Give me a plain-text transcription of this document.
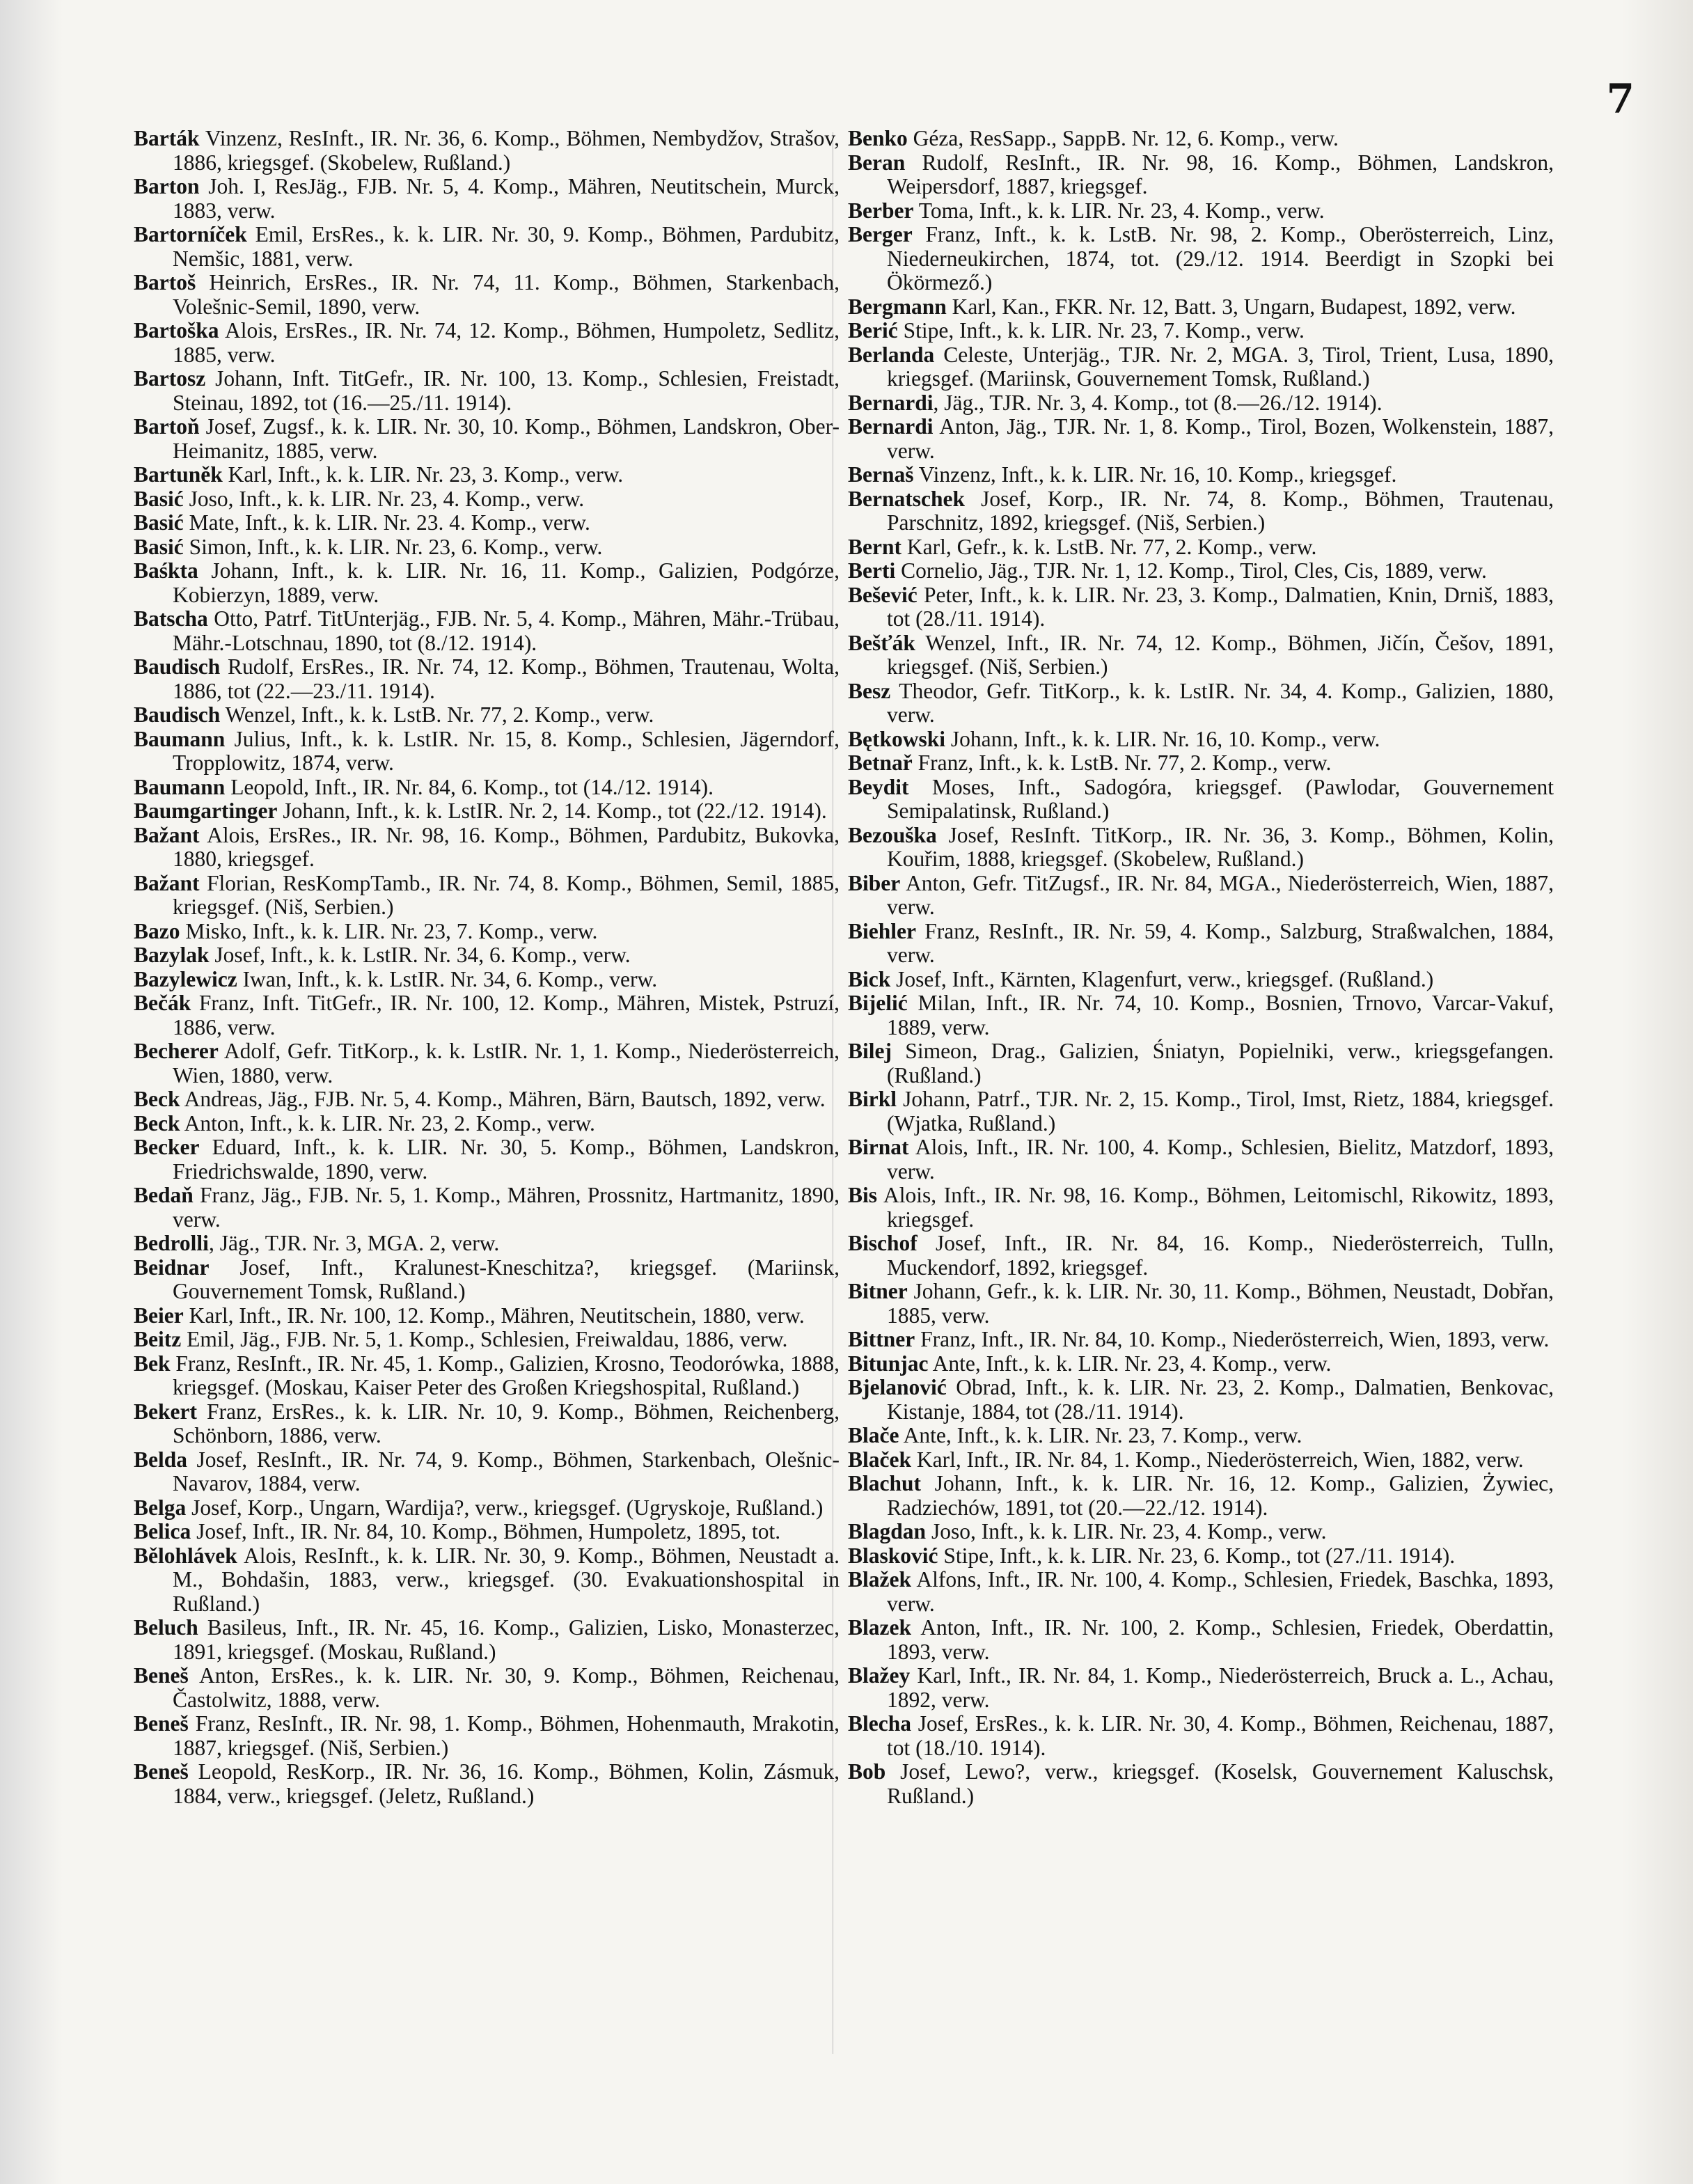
7

Barták Vinzenz, ResInft., IR. Nr. 36, 6. Komp., Böhmen, Nembydžov, Strašov, 1886, kriegsgef. (Skobelew, Rußland.)

Barton Joh. I, ResJäg., FJB. Nr. 5, 4. Komp., Mähren, Neutitschein, Murck, 1883, verw.

Bartorníček Emil, ErsRes., k. k. LIR. Nr. 30, 9. Komp., Böhmen, Pardubitz, Nemšic, 1881, verw.

Bartoš Heinrich, ErsRes., IR. Nr. 74, 11. Komp., Böhmen, Starkenbach, Volešnic-Semil, 1890, verw.

Bartoška Alois, ErsRes., IR. Nr. 74, 12. Komp., Böhmen, Humpoletz, Sedlitz, 1885, verw.

Bartosz Johann, Inft. TitGefr., IR. Nr. 100, 13. Komp., Schlesien, Freistadt, Steinau, 1892, tot (16.—25./11. 1914).

Bartoň Josef, Zugsf., k. k. LIR. Nr. 30, 10. Komp., Böhmen, Landskron, Ober-Heimanitz, 1885, verw.

Bartuněk Karl, Inft., k. k. LIR. Nr. 23, 3. Komp., verw.

Basić Joso, Inft., k. k. LIR. Nr. 23, 4. Komp., verw.

Basić Mate, Inft., k. k. LIR. Nr. 23. 4. Komp., verw.

Basić Simon, Inft., k. k. LIR. Nr. 23, 6. Komp., verw.

Baśkta Johann, Inft., k. k. LIR. Nr. 16, 11. Komp., Galizien, Podgórze, Kobierzyn, 1889, verw.

Batscha Otto, Patrf. TitUnterjäg., FJB. Nr. 5, 4. Komp., Mähren, Mähr.-Trübau, Mähr.-Lotschnau, 1890, tot (8./12. 1914).

Baudisch Rudolf, ErsRes., IR. Nr. 74, 12. Komp., Böhmen, Trautenau, Wolta, 1886, tot (22.—23./11. 1914).

Baudisch Wenzel, Inft., k. k. LstB. Nr. 77, 2. Komp., verw.

Baumann Julius, Inft., k. k. LstIR. Nr. 15, 8. Komp., Schlesien, Jägerndorf, Tropplowitz, 1874, verw.

Baumann Leopold, Inft., IR. Nr. 84, 6. Komp., tot (14./12. 1914).

Baumgartinger Johann, Inft., k. k. LstIR. Nr. 2, 14. Komp., tot (22./12. 1914).

Bažant Alois, ErsRes., IR. Nr. 98, 16. Komp., Böhmen, Pardubitz, Bukovka, 1880, kriegsgef.

Bažant Florian, ResKompTamb., IR. Nr. 74, 8. Komp., Böhmen, Semil, 1885, kriegsgef. (Niš, Serbien.)

Bazo Misko, Inft., k. k. LIR. Nr. 23, 7. Komp., verw.

Bazylak Josef, Inft., k. k. LstIR. Nr. 34, 6. Komp., verw.

Bazylewicz Iwan, Inft., k. k. LstIR. Nr. 34, 6. Komp., verw.

Bečák Franz, Inft. TitGefr., IR. Nr. 100, 12. Komp., Mähren, Mistek, Pstruzí, 1886, verw.

Becherer Adolf, Gefr. TitKorp., k. k. LstIR. Nr. 1, 1. Komp., Niederösterreich, Wien, 1880, verw.

Beck Andreas, Jäg., FJB. Nr. 5, 4. Komp., Mähren, Bärn, Bautsch, 1892, verw.

Beck Anton, Inft., k. k. LIR. Nr. 23, 2. Komp., verw.

Becker Eduard, Inft., k. k. LIR. Nr. 30, 5. Komp., Böhmen, Landskron, Friedrichswalde, 1890, verw.

Bedaň Franz, Jäg., FJB. Nr. 5, 1. Komp., Mähren, Prossnitz, Hartmanitz, 1890, verw.

Bedrolli, Jäg., TJR. Nr. 3, MGA. 2, verw.

Beidnar Josef, Inft., Kralunest-Kneschitza?, kriegsgef. (Mariinsk, Gouvernement Tomsk, Rußland.)

Beier Karl, Inft., IR. Nr. 100, 12. Komp., Mähren, Neutitschein, 1880, verw.

Beitz Emil, Jäg., FJB. Nr. 5, 1. Komp., Schlesien, Freiwaldau, 1886, verw.

Bek Franz, ResInft., IR. Nr. 45, 1. Komp., Galizien, Krosno, Teodorówka, 1888, kriegsgef. (Moskau, Kaiser Peter des Großen Kriegshospital, Rußland.)

Bekert Franz, ErsRes., k. k. LIR. Nr. 10, 9. Komp., Böhmen, Reichenberg, Schönborn, 1886, verw.

Belda Josef, ResInft., IR. Nr. 74, 9. Komp., Böhmen, Starkenbach, Olešnic-Navarov, 1884, verw.

Belga Josef, Korp., Ungarn, Wardija?, verw., kriegsgef. (Ugryskoje, Rußland.)

Belica Josef, Inft., IR. Nr. 84, 10. Komp., Böhmen, Humpoletz, 1895, tot.

Bělohlávek Alois, ResInft., k. k. LIR. Nr. 30, 9. Komp., Böhmen, Neustadt a. M., Bohdašin, 1883, verw., kriegsgef. (30. Evakuationshospital in Rußland.)

Beluch Basileus, Inft., IR. Nr. 45, 16. Komp., Galizien, Lisko, Monasterzec, 1891, kriegsgef. (Moskau, Rußland.)

Beneš Anton, ErsRes., k. k. LIR. Nr. 30, 9. Komp., Böhmen, Reichenau, Častolwitz, 1888, verw.

Beneš Franz, ResInft., IR. Nr. 98, 1. Komp., Böhmen, Hohenmauth, Mrakotin, 1887, kriegsgef. (Niš, Serbien.)

Beneš Leopold, ResKorp., IR. Nr. 36, 16. Komp., Böhmen, Kolin, Zásmuk, 1884, verw., kriegsgef. (Jeletz, Rußland.)

Benko Géza, ResSapp., SappB. Nr. 12, 6. Komp., verw.

Beran Rudolf, ResInft., IR. Nr. 98, 16. Komp., Böhmen, Landskron, Weipersdorf, 1887, kriegsgef.

Berber Toma, Inft., k. k. LIR. Nr. 23, 4. Komp., verw.

Berger Franz, Inft., k. k. LstB. Nr. 98, 2. Komp., Oberösterreich, Linz, Niederneukirchen, 1874, tot. (29./12. 1914. Beerdigt in Szopki bei Ökörmező.)

Bergmann Karl, Kan., FKR. Nr. 12, Batt. 3, Ungarn, Budapest, 1892, verw.

Berić Stipe, Inft., k. k. LIR. Nr. 23, 7. Komp., verw.

Berlanda Celeste, Unterjäg., TJR. Nr. 2, MGA. 3, Tirol, Trient, Lusa, 1890, kriegsgef. (Mariinsk, Gouvernement Tomsk, Rußland.)

Bernardi, Jäg., TJR. Nr. 3, 4. Komp., tot (8.—26./12. 1914).

Bernardi Anton, Jäg., TJR. Nr. 1, 8. Komp., Tirol, Bozen, Wolkenstein, 1887, verw.

Bernaš Vinzenz, Inft., k. k. LIR. Nr. 16, 10. Komp., kriegsgef.

Bernatschek Josef, Korp., IR. Nr. 74, 8. Komp., Böhmen, Trautenau, Parschnitz, 1892, kriegsgef. (Niš, Serbien.)

Bernt Karl, Gefr., k. k. LstB. Nr. 77, 2. Komp., verw.

Berti Cornelio, Jäg., TJR. Nr. 1, 12. Komp., Tirol, Cles, Cis, 1889, verw.

Bešević Peter, Inft., k. k. LIR. Nr. 23, 3. Komp., Dalmatien, Knin, Drniš, 1883, tot (28./11. 1914).

Bešťák Wenzel, Inft., IR. Nr. 74, 12. Komp., Böhmen, Jičín, Češov, 1891, kriegsgef. (Niš, Serbien.)

Besz Theodor, Gefr. TitKorp., k. k. LstIR. Nr. 34, 4. Komp., Galizien, 1880, verw.

Bętkowski Johann, Inft., k. k. LIR. Nr. 16, 10. Komp., verw.

Betnař Franz, Inft., k. k. LstB. Nr. 77, 2. Komp., verw.

Beydit Moses, Inft., Sadogóra, kriegsgef. (Pawlodar, Gouvernement Semipalatinsk, Rußland.)

Bezouška Josef, ResInft. TitKorp., IR. Nr. 36, 3. Komp., Böhmen, Kolin, Kouřim, 1888, kriegsgef. (Skobelew, Rußland.)

Biber Anton, Gefr. TitZugsf., IR. Nr. 84, MGA., Niederösterreich, Wien, 1887, verw.

Biehler Franz, ResInft., IR. Nr. 59, 4. Komp., Salzburg, Straßwalchen, 1884, verw.

Bick Josef, Inft., Kärnten, Klagenfurt, verw., kriegsgef. (Rußland.)

Bijelić Milan, Inft., IR. Nr. 74, 10. Komp., Bosnien, Trnovo, Varcar-Vakuf, 1889, verw.

Bilej Simeon, Drag., Galizien, Śniatyn, Popielniki, verw., kriegsgefangen. (Rußland.)

Birkl Johann, Patrf., TJR. Nr. 2, 15. Komp., Tirol, Imst, Rietz, 1884, kriegsgef. (Wjatka, Rußland.)

Birnat Alois, Inft., IR. Nr. 100, 4. Komp., Schlesien, Bielitz, Matzdorf, 1893, verw.

Bis Alois, Inft., IR. Nr. 98, 16. Komp., Böhmen, Leitomischl, Rikowitz, 1893, kriegsgef.

Bischof Josef, Inft., IR. Nr. 84, 16. Komp., Niederösterreich, Tulln, Muckendorf, 1892, kriegsgef.

Bitner Johann, Gefr., k. k. LIR. Nr. 30, 11. Komp., Böhmen, Neustadt, Dobřan, 1885, verw.

Bittner Franz, Inft., IR. Nr. 84, 10. Komp., Niederösterreich, Wien, 1893, verw.

Bitunjac Ante, Inft., k. k. LIR. Nr. 23, 4. Komp., verw.

Bjelanović Obrad, Inft., k. k. LIR. Nr. 23, 2. Komp., Dalmatien, Benkovac, Kistanje, 1884, tot (28./11. 1914).

Blače Ante, Inft., k. k. LIR. Nr. 23, 7. Komp., verw.

Blaček Karl, Inft., IR. Nr. 84, 1. Komp., Niederösterreich, Wien, 1882, verw.

Blachut Johann, Inft., k. k. LIR. Nr. 16, 12. Komp., Galizien, Żywiec, Radziechów, 1891, tot (20.—22./12. 1914).

Blagdan Joso, Inft., k. k. LIR. Nr. 23, 4. Komp., verw.

Blasković Stipe, Inft., k. k. LIR. Nr. 23, 6. Komp., tot (27./11. 1914).

Blažek Alfons, Inft., IR. Nr. 100, 4. Komp., Schlesien, Friedek, Baschka, 1893, verw.

Blazek Anton, Inft., IR. Nr. 100, 2. Komp., Schlesien, Friedek, Oberdattin, 1893, verw.

Blažey Karl, Inft., IR. Nr. 84, 1. Komp., Niederösterreich, Bruck a. L., Achau, 1892, verw.

Blecha Josef, ErsRes., k. k. LIR. Nr. 30, 4. Komp., Böhmen, Reichenau, 1887, tot (18./10. 1914).

Bob Josef, Lewo?, verw., kriegsgef. (Koselsk, Gouvernement Kaluschsk, Rußland.)
